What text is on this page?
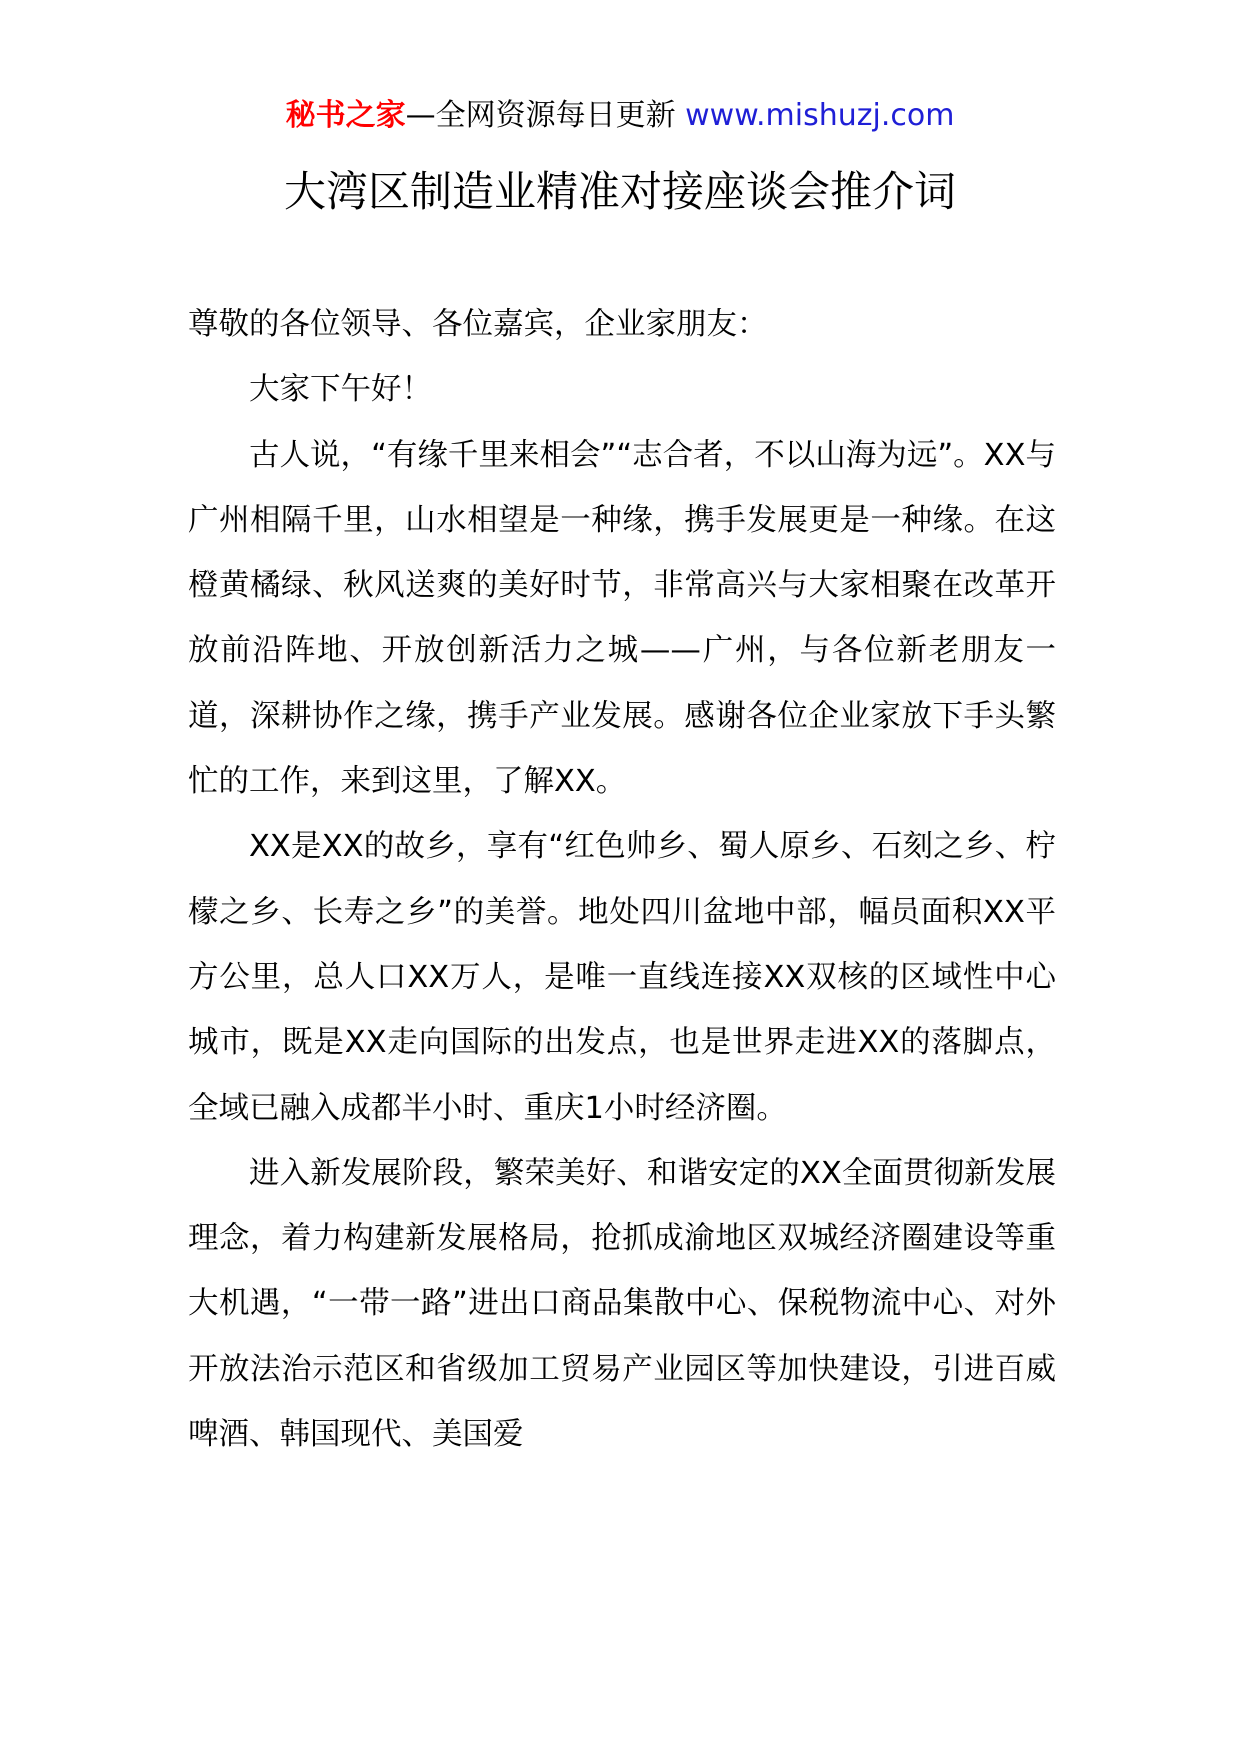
秘书之家—全网资源每日更新 www.mishuzj.com
大湾区制造业精准对接座谈会推介词

尊敬的各位领导、各位嘉宾，企业家朋友：

大家下午好！

古人说，“有缘千里来相会”“志合者，不以山海为远”。XX与广州相隔千里，山水相望是一种缘，携手发展更是一种缘。在这橙黄橘绿、秋风送爽的美好时节，非常高兴与大家相聚在改革开放前沿阵地、开放创新活力之城——广州，与各位新老朋友一道，深耕协作之缘，携手产业发展。感谢各位企业家放下手头繁忙的工作，来到这里，了解XX。

XX是XX的故乡，享有“红色帅乡、蜀人原乡、石刻之乡、柠檬之乡、长寿之乡”的美誉。地处四川盆地中部，幅员面积XX平方公里，总人口XX万人，是唯一直线连接XX双核的区域性中心城市，既是XX走向国际的出发点，也是世界走进XX的落脚点，全域已融入成都半小时、重庆1小时经济圈。

进入新发展阶段，繁荣美好、和谐安定的XX全面贯彻新发展理念，着力构建新发展格局，抢抓成渝地区双城经济圈建设等重大机遇，“一带一路”进出口商品集散中心、保税物流中心、对外开放法治示范区和省级加工贸易产业园区等加快建设，引进百威啤酒、韩国现代、美国爱
